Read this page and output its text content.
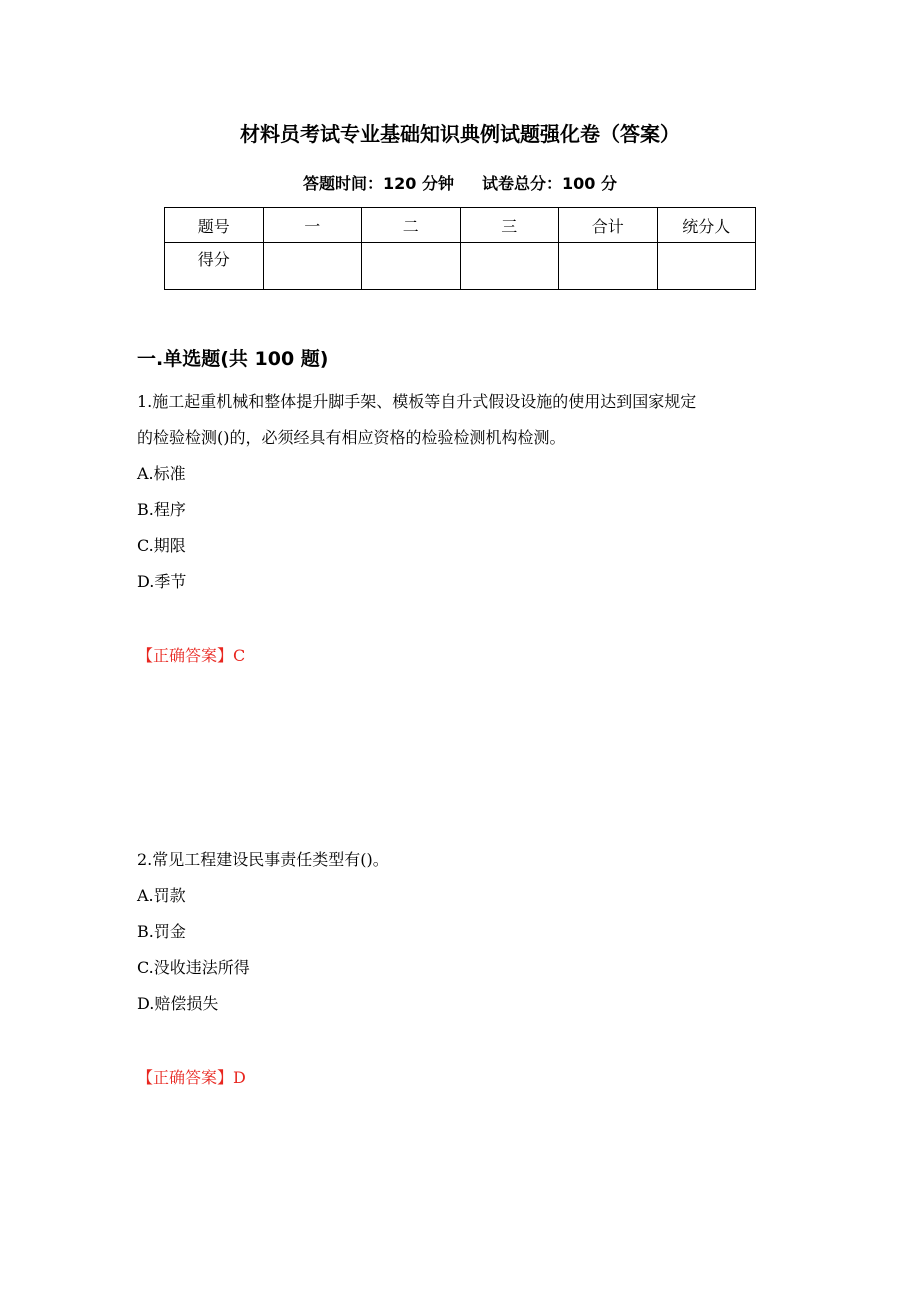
材料员考试专业基础知识典例试题强化卷（答案）
答题时间：120 分钟 试卷总分：100 分
题号	一	二	三	合计	统分人
得分					
一.单选题(共 100 题)
1.施工起重机械和整体提升脚手架、模板等自升式假设设施的使用达到国家规定
的检验检测()的，必须经具有相应资格的检验检测机构检测。
A.标准
B.程序
C.期限
D.季节
【正确答案】C
2.常见工程建设民事责任类型有()。
A.罚款
B.罚金
C.没收违法所得
D.赔偿损失
【正确答案】D
